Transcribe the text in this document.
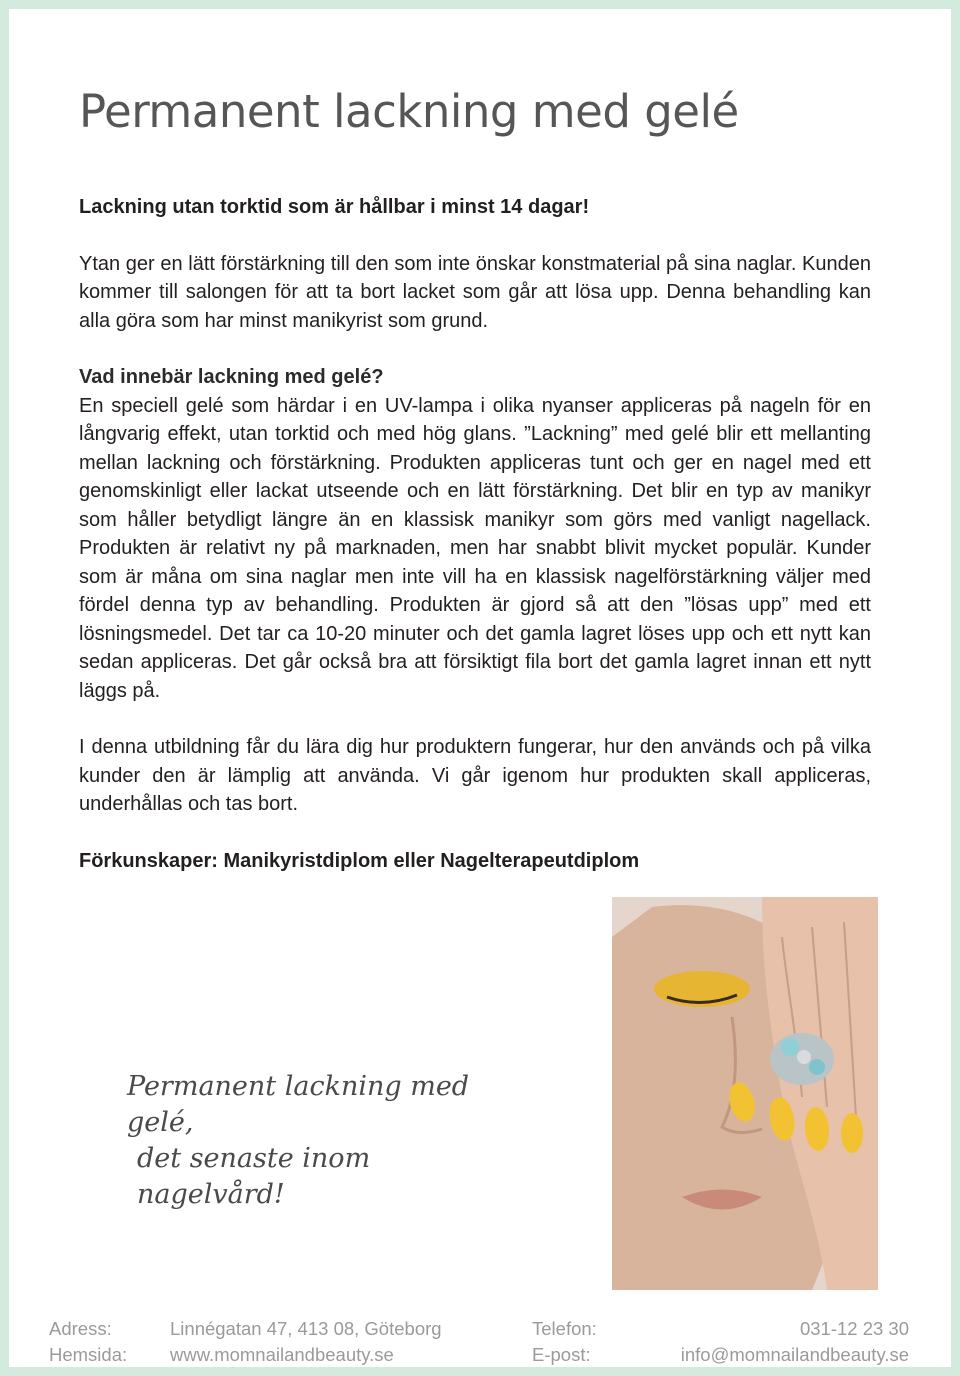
Permanent lackning med gelé

Lackning utan torktid som är hållbar i minst 14 dagar!

Ytan ger en lätt förstärkning till den som inte önskar konstmaterial på sina naglar. Kunden kommer till salongen för att ta bort lacket som går att lösa upp. Denna behandling kan alla göra som har minst manikyrist som grund.

Vad innebär lackning med gelé?

En speciell gelé som härdar i en UV-lampa i olika nyanser appliceras på nageln för en långvarig effekt, utan torktid och med hög glans. ”Lackning” med gelé blir ett mellanting mellan lackning och förstärkning. Produkten appliceras tunt och ger en nagel med ett genomskinligt eller lackat utseende och en lätt förstärkning. Det blir en typ av manikyr som håller betydligt längre än en klassisk manikyr som görs med vanligt nagellack. Produkten är relativt ny på marknaden, men har snabbt blivit mycket populär. Kunder som är måna om sina naglar men inte vill ha en klassisk nagelförstärkning väljer med fördel denna typ av behandling. Produkten är gjord så att den ”lösas upp” med ett lösningsmedel. Det tar ca 10-20 minuter och det gamla lagret löses upp och ett nytt kan sedan appliceras. Det går också bra att försiktigt fila bort det gamla lagret innan ett nytt läggs på.

I denna utbildning får du lära dig hur produktern fungerar, hur den används och på vilka kunder den är lämplig att använda. Vi går igenom hur produkten skall appliceras, underhållas och tas bort.

Förkunskaper: Manikyristdiplom eller Nagelterapeutdiplom

Permanent lackning med gelé,
det senaste inom nagelvård!
Adress:	Linnégatan 47, 413 08, Göteborg	Telefon:	031-12 23 30
Hemsida: www.momnailandbeauty.se	E-post:	info@momnailandbeauty.se
